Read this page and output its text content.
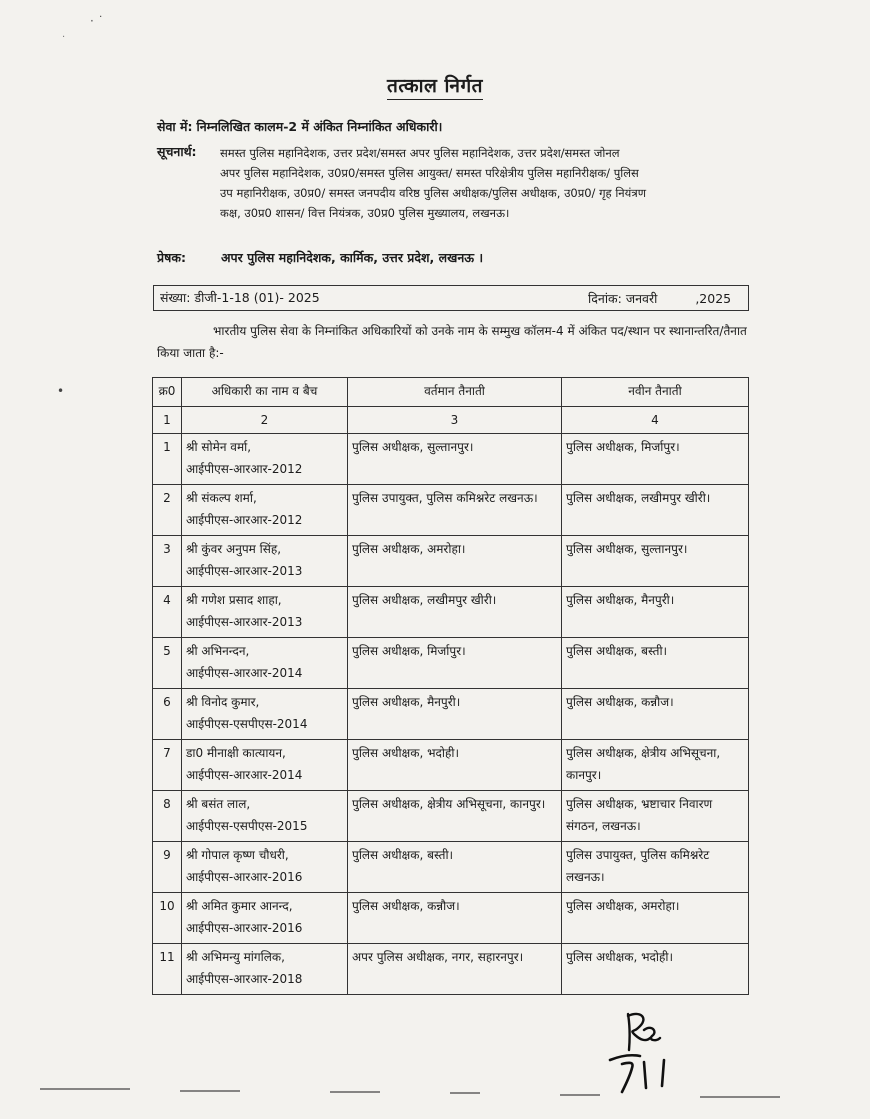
· ˙
·
•
तत्काल निर्गत
सेवा में: निम्नलिखित कालम-2 में अंकित निम्नांकित अधिकारी।
सूचनार्थ: समस्त पुलिस महानिदेशक, उत्तर प्रदेश/समस्त अपर पुलिस महानिदेशक, उत्तर प्रदेश/समस्त जोनल
अपर पुलिस महानिदेशक, उ0प्र0/समस्त पुलिस आयुक्त/ समस्त परिक्षेत्रीय पुलिस महानिरीक्षक/ पुलिस
उप महानिरीक्षक, उ0प्र0/ समस्त जनपदीय वरिष्ठ पुलिस अधीक्षक/पुलिस अधीक्षक, उ0प्र0/ गृह नियंत्रण
कक्ष, उ0प्र0 शासन/ वित्त नियंत्रक, उ0प्र0 पुलिस मुख्यालय, लखनऊ।
प्रेषक:	अपर पुलिस महानिदेशक, कार्मिक, उत्तर प्रदेश, लखनऊ ।
संख्या: डीजी-1-18 (01)- 2025	दिनांक: जनवरी	,2025
भारतीय पुलिस सेवा के निम्नांकित अधिकारियों को उनके नाम के सम्मुख कॉलम-4 में अंकित पद/स्थान पर स्थानान्तरित/तैनात किया जाता है:-
क्र0	अधिकारी का नाम व बैच	वर्तमान तैनाती	नवीन तैनाती
1	2	3	4

1	श्री सोमेन वर्मा,
आईपीएस-आरआर-2012	पुलिस अधीक्षक, सुल्तानपुर।	पुलिस अधीक्षक, मिर्जापुर।

2	श्री संकल्प शर्मा,
आईपीएस-आरआर-2012	पुलिस उपायुक्त, पुलिस कमिश्नरेट लखनऊ।	पुलिस अधीक्षक, लखीमपुर खीरी।

3	श्री कुंवर अनुपम सिंह,
आईपीएस-आरआर-2013	पुलिस अधीक्षक, अमरोहा।	पुलिस अधीक्षक, सुल्तानपुर।

4	श्री गणेश प्रसाद शाहा,
आईपीएस-आरआर-2013	पुलिस अधीक्षक, लखीमपुर खीरी।	पुलिस अधीक्षक, मैनपुरी।

5	श्री अभिनन्दन,
आईपीएस-आरआर-2014	पुलिस अधीक्षक, मिर्जापुर।	पुलिस अधीक्षक, बस्ती।

6	श्री विनोद कुमार,
आईपीएस-एसपीएस-2014	पुलिस अधीक्षक, मैनपुरी।	पुलिस अधीक्षक, कन्नौज।

7	डा0 मीनाक्षी कात्यायन,
आईपीएस-आरआर-2014	पुलिस अधीक्षक, भदोही।	पुलिस अधीक्षक, क्षेत्रीय अभिसूचना, कानपुर।

8	श्री बसंत लाल,
आईपीएस-एसपीएस-2015	पुलिस अधीक्षक, क्षेत्रीय अभिसूचना, कानपुर।	पुलिस अधीक्षक, भ्रष्टाचार निवारण संगठन, लखनऊ।

9	श्री गोपाल कृष्ण चौधरी,
आईपीएस-आरआर-2016	पुलिस अधीक्षक, बस्ती।	पुलिस उपायुक्त, पुलिस कमिश्नरेट लखनऊ।

10	श्री अमित कुमार आनन्द,
आईपीएस-आरआर-2016	पुलिस अधीक्षक, कन्नौज।	पुलिस अधीक्षक, अमरोहा।

11	श्री अभिमन्यु मांगलिक,
आईपीएस-आरआर-2018	अपर पुलिस अधीक्षक, नगर, सहारनपुर।	पुलिस अधीक्षक, भदोही।
